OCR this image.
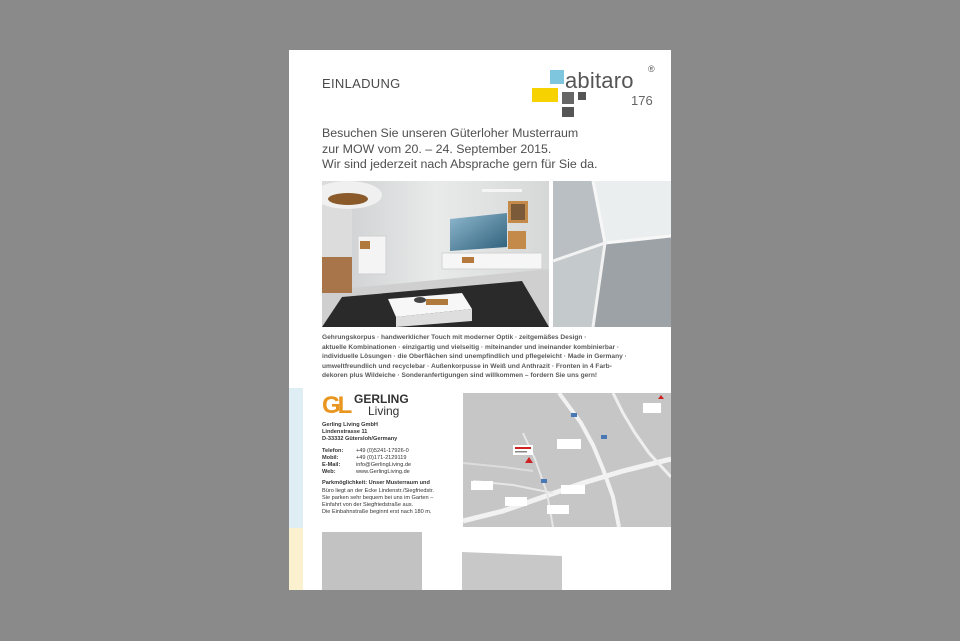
EINLADUNG	abitaro ®
176
Besuchen Sie unseren Güterloher Musterraum
zur MOW vom 20. – 24. September 2015.
Wir sind jederzeit nach Absprache gern für Sie da.
Gehrungskorpus · handwerklicher Touch mit moderner Optik · zeitgemäßes Design ·
aktuelle Kombinationen · einzigartig und vielseitig · miteinander und ineinander kombinierbar ·
individuelle Lösungen · die Oberflächen sind unempfindlich und pflegeleicht · Made in Germany ·
umweltfreundlich und recyclebar · Außenkorpusse in Weiß und Anthrazit · Fronten in 4 Farb-
dekoren plus Wildeiche · Sonderanfertigungen sind willkommen – fordern Sie uns gern!
GL GERLING
Living
Gerling Living GmbH
Lindenstrasse 11
D-33332 Gütersloh/Germany
Telefon:	+49 (0)5241-17926-0
Mobil:	+49 (0)171-2129119
E-Mail:	info@GerlingLiving.de
Web:	www.GerlingLiving.de
Parkmöglichkeit: Unser Musterraum und
Büro liegt an der Ecke Lindenstr./Siegfriedstr.
Sie parken sehr bequem bei uns im Garten –
Einfahrt von der Siegfriedstraße aus.
Die Einbahnstraße beginnt erst nach 180 m.
